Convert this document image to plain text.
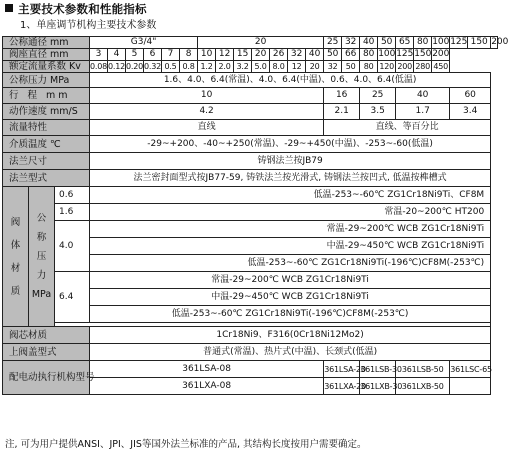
主要技术参数和性能指标
1、单座调节机构主要技术参数
公称通径 mm			G3/4"						20							25	32	40	50	65	80	100	125	150	200
阀座直径 mm			3	4	5	6	7	8	10	12	15	20	26	32	40	50	66	80	100	125	150	200			
额定流量系数 Kv			0.08	0.12	0.20	0.32	0.5	0.8	1.2	2.0	3.2	5.0	8.0	12	20	32	50	80	120	200	280	450			
公称压力 MPa			1.6、4.0、6.4(常温)、4.0、6.4(中温)、0.6、4.0、6.4(低温)																						
行 程 mm			10													16		25		40			60		
动作速度 mm/S			4.2													2.1		3.5		1.7			3.4		
流量特性			直线													直线、等百分比									
介质温度 ℃			-29~+200、-40~+250(常温)、-29~+450(中温)、-253~-60(低温)																						
法兰尺寸			铸钢法兰按JB79																						
法兰型式			法兰密封面型式按JB77-59, 铸铁法兰按光滑式, 铸钢法兰按凹式, 低温按榫槽式																						

阀
体
材
质	公
称
压
力
MPa	0.6	低温-253~-60℃ ZG1Cr18Ni9Ti、CF8M																						
		1.6	常温-20~200℃ HT200																						
		4.0	常温-29~200℃ WCB ZG1Cr18Ni9Ti																						
			中温-29~450℃ WCB ZG1Cr18Ni9Ti																						
			低温-253~-60℃ ZG1Cr18Ni9Ti(-196℃)CF8M(-253℃)																						
		6.4	常温-29~200℃ WCB ZG1Cr18Ni9Ti																						
			中温-29~450℃ WCB ZG1Cr18Ni9Ti																						
			低温-253~-60℃ ZG1Cr18Ni9Ti(-196℃)CF8M(-253℃)																						

阀芯材质			1Cr18Ni9、F316(0Cr18Ni12Mo2)																						
上阀盖型式			普通式(常温)、热片式(中温)、长颈式(低温)																						
配电动执行机构型号			361LSA-08													361LSA-20		361LSB-30		361LSB-50			361LSC-65		
			361LXA-08													361LXA-20		361LXB-30		361LXB-50					
注, 可为用户提供ANSI、JPI、JIS等国外法兰标准的产品, 其结构长度按用户需要确定。
